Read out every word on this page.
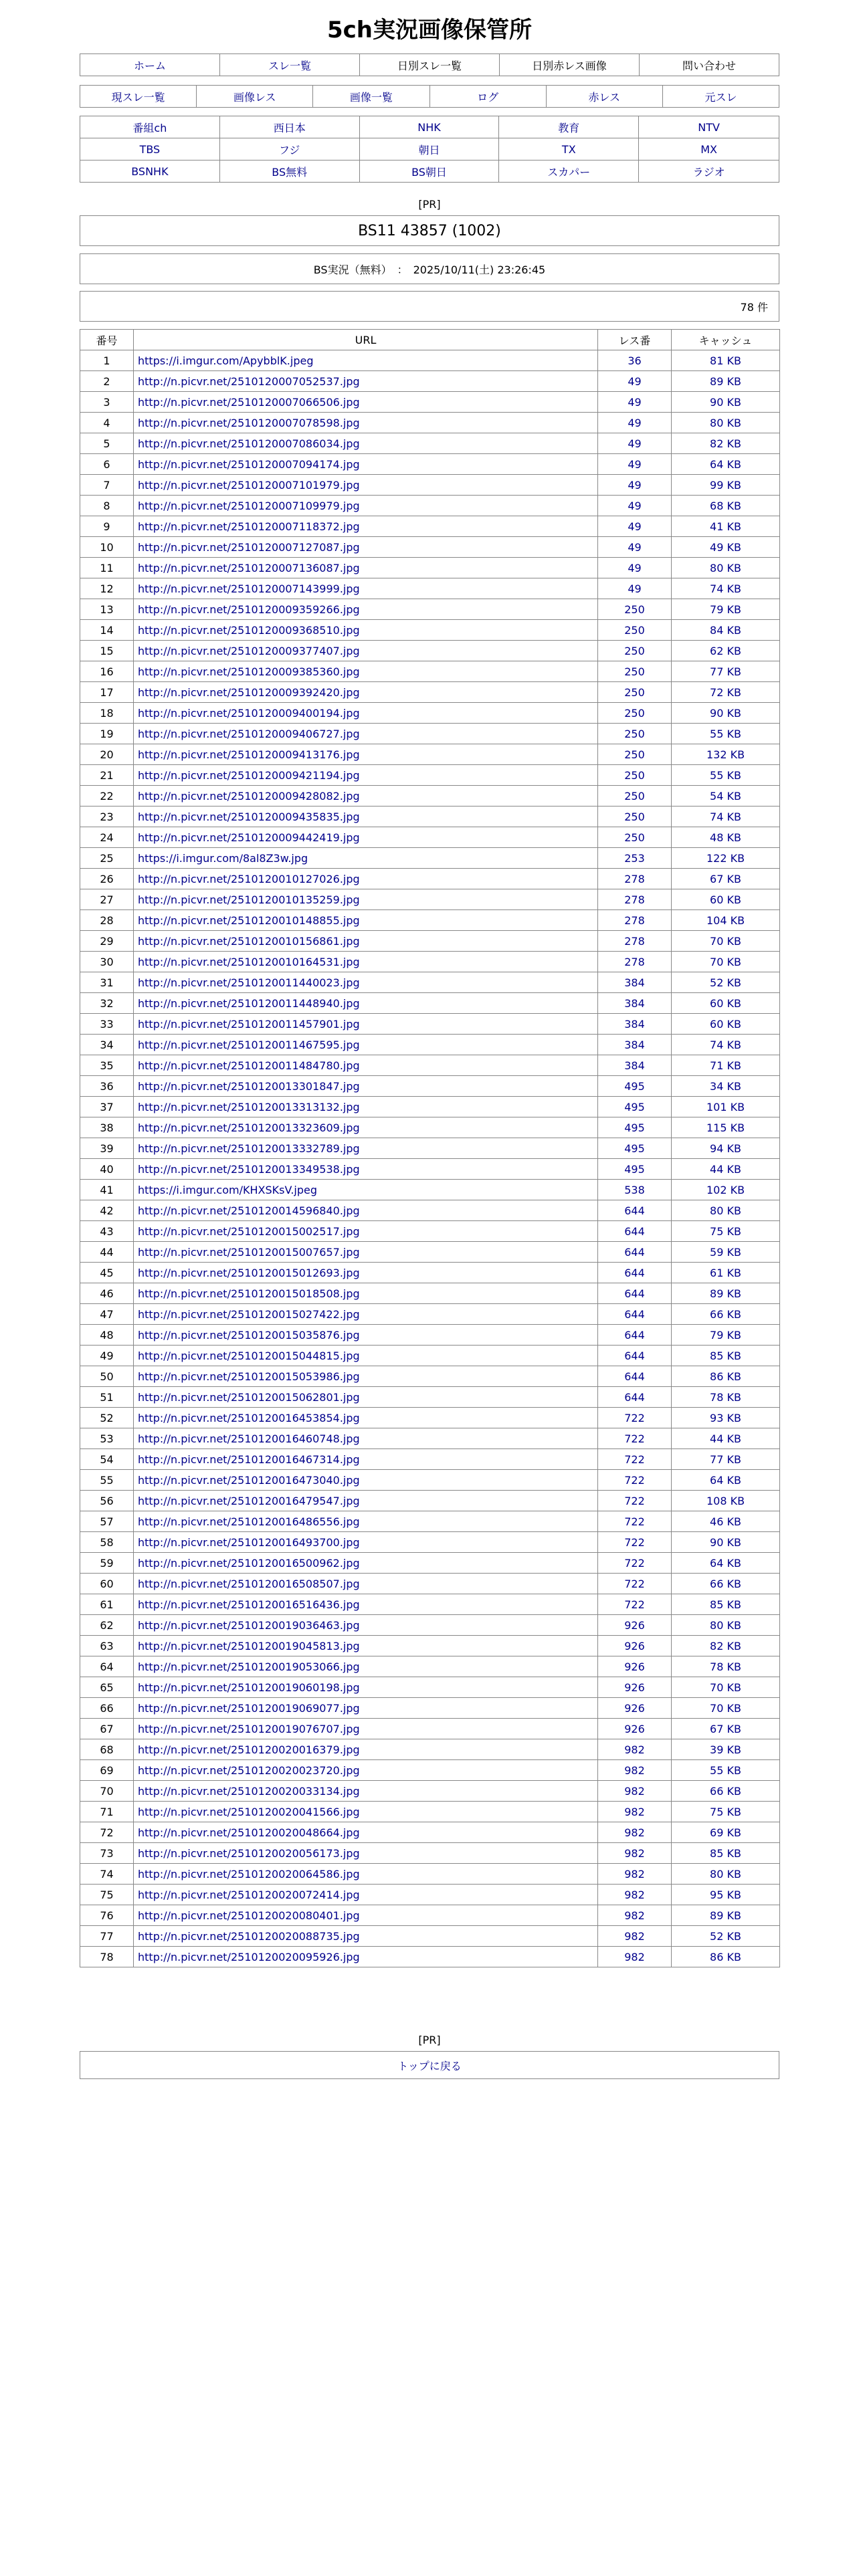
5ch実況画像保管所
ホーム	スレ一覧	日別スレ一覧	日別赤レス画像	問い合わせ
現スレ一覧	画像レス	画像一覧	ログ	赤レス	元スレ
番組ch	西日本	NHK	教育	NTV
TBS	フジ	朝日	TX	MX
BSNHK	BS無料	BS朝日	スカパー	ラジオ
[PR]
BS11 43857 (1002)
BS実況（無料）　：　2025/10/11(土) 23:26:45
78 件
番号	URL	レス番	キャッシュ
1	https://i.imgur.com/ApybblK.jpeg	36	81 KB
2	http://n.picvr.net/2510120007052537.jpg	49	89 KB
3	http://n.picvr.net/2510120007066506.jpg	49	90 KB
4	http://n.picvr.net/2510120007078598.jpg	49	80 KB
5	http://n.picvr.net/2510120007086034.jpg	49	82 KB
6	http://n.picvr.net/2510120007094174.jpg	49	64 KB
7	http://n.picvr.net/2510120007101979.jpg	49	99 KB
8	http://n.picvr.net/2510120007109979.jpg	49	68 KB
9	http://n.picvr.net/2510120007118372.jpg	49	41 KB
10	http://n.picvr.net/2510120007127087.jpg	49	49 KB
11	http://n.picvr.net/2510120007136087.jpg	49	80 KB
12	http://n.picvr.net/2510120007143999.jpg	49	74 KB
13	http://n.picvr.net/2510120009359266.jpg	250	79 KB
14	http://n.picvr.net/2510120009368510.jpg	250	84 KB
15	http://n.picvr.net/2510120009377407.jpg	250	62 KB
16	http://n.picvr.net/2510120009385360.jpg	250	77 KB
17	http://n.picvr.net/2510120009392420.jpg	250	72 KB
18	http://n.picvr.net/2510120009400194.jpg	250	90 KB
19	http://n.picvr.net/2510120009406727.jpg	250	55 KB
20	http://n.picvr.net/2510120009413176.jpg	250	132 KB
21	http://n.picvr.net/2510120009421194.jpg	250	55 KB
22	http://n.picvr.net/2510120009428082.jpg	250	54 KB
23	http://n.picvr.net/2510120009435835.jpg	250	74 KB
24	http://n.picvr.net/2510120009442419.jpg	250	48 KB
25	https://i.imgur.com/8al8Z3w.jpg	253	122 KB
26	http://n.picvr.net/2510120010127026.jpg	278	67 KB
27	http://n.picvr.net/2510120010135259.jpg	278	60 KB
28	http://n.picvr.net/2510120010148855.jpg	278	104 KB
29	http://n.picvr.net/2510120010156861.jpg	278	70 KB
30	http://n.picvr.net/2510120010164531.jpg	278	70 KB
31	http://n.picvr.net/2510120011440023.jpg	384	52 KB
32	http://n.picvr.net/2510120011448940.jpg	384	60 KB
33	http://n.picvr.net/2510120011457901.jpg	384	60 KB
34	http://n.picvr.net/2510120011467595.jpg	384	74 KB
35	http://n.picvr.net/2510120011484780.jpg	384	71 KB
36	http://n.picvr.net/2510120013301847.jpg	495	34 KB
37	http://n.picvr.net/2510120013313132.jpg	495	101 KB
38	http://n.picvr.net/2510120013323609.jpg	495	115 KB
39	http://n.picvr.net/2510120013332789.jpg	495	94 KB
40	http://n.picvr.net/2510120013349538.jpg	495	44 KB
41	https://i.imgur.com/KHXSKsV.jpeg	538	102 KB
42	http://n.picvr.net/2510120014596840.jpg	644	80 KB
43	http://n.picvr.net/2510120015002517.jpg	644	75 KB
44	http://n.picvr.net/2510120015007657.jpg	644	59 KB
45	http://n.picvr.net/2510120015012693.jpg	644	61 KB
46	http://n.picvr.net/2510120015018508.jpg	644	89 KB
47	http://n.picvr.net/2510120015027422.jpg	644	66 KB
48	http://n.picvr.net/2510120015035876.jpg	644	79 KB
49	http://n.picvr.net/2510120015044815.jpg	644	85 KB
50	http://n.picvr.net/2510120015053986.jpg	644	86 KB
51	http://n.picvr.net/2510120015062801.jpg	644	78 KB
52	http://n.picvr.net/2510120016453854.jpg	722	93 KB
53	http://n.picvr.net/2510120016460748.jpg	722	44 KB
54	http://n.picvr.net/2510120016467314.jpg	722	77 KB
55	http://n.picvr.net/2510120016473040.jpg	722	64 KB
56	http://n.picvr.net/2510120016479547.jpg	722	108 KB
57	http://n.picvr.net/2510120016486556.jpg	722	46 KB
58	http://n.picvr.net/2510120016493700.jpg	722	90 KB
59	http://n.picvr.net/2510120016500962.jpg	722	64 KB
60	http://n.picvr.net/2510120016508507.jpg	722	66 KB
61	http://n.picvr.net/2510120016516436.jpg	722	85 KB
62	http://n.picvr.net/2510120019036463.jpg	926	80 KB
63	http://n.picvr.net/2510120019045813.jpg	926	82 KB
64	http://n.picvr.net/2510120019053066.jpg	926	78 KB
65	http://n.picvr.net/2510120019060198.jpg	926	70 KB
66	http://n.picvr.net/2510120019069077.jpg	926	70 KB
67	http://n.picvr.net/2510120019076707.jpg	926	67 KB
68	http://n.picvr.net/2510120020016379.jpg	982	39 KB
69	http://n.picvr.net/2510120020023720.jpg	982	55 KB
70	http://n.picvr.net/2510120020033134.jpg	982	66 KB
71	http://n.picvr.net/2510120020041566.jpg	982	75 KB
72	http://n.picvr.net/2510120020048664.jpg	982	69 KB
73	http://n.picvr.net/2510120020056173.jpg	982	85 KB
74	http://n.picvr.net/2510120020064586.jpg	982	80 KB
75	http://n.picvr.net/2510120020072414.jpg	982	95 KB
76	http://n.picvr.net/2510120020080401.jpg	982	89 KB
77	http://n.picvr.net/2510120020088735.jpg	982	52 KB
78	http://n.picvr.net/2510120020095926.jpg	982	86 KB
[PR]
トップに戻る
